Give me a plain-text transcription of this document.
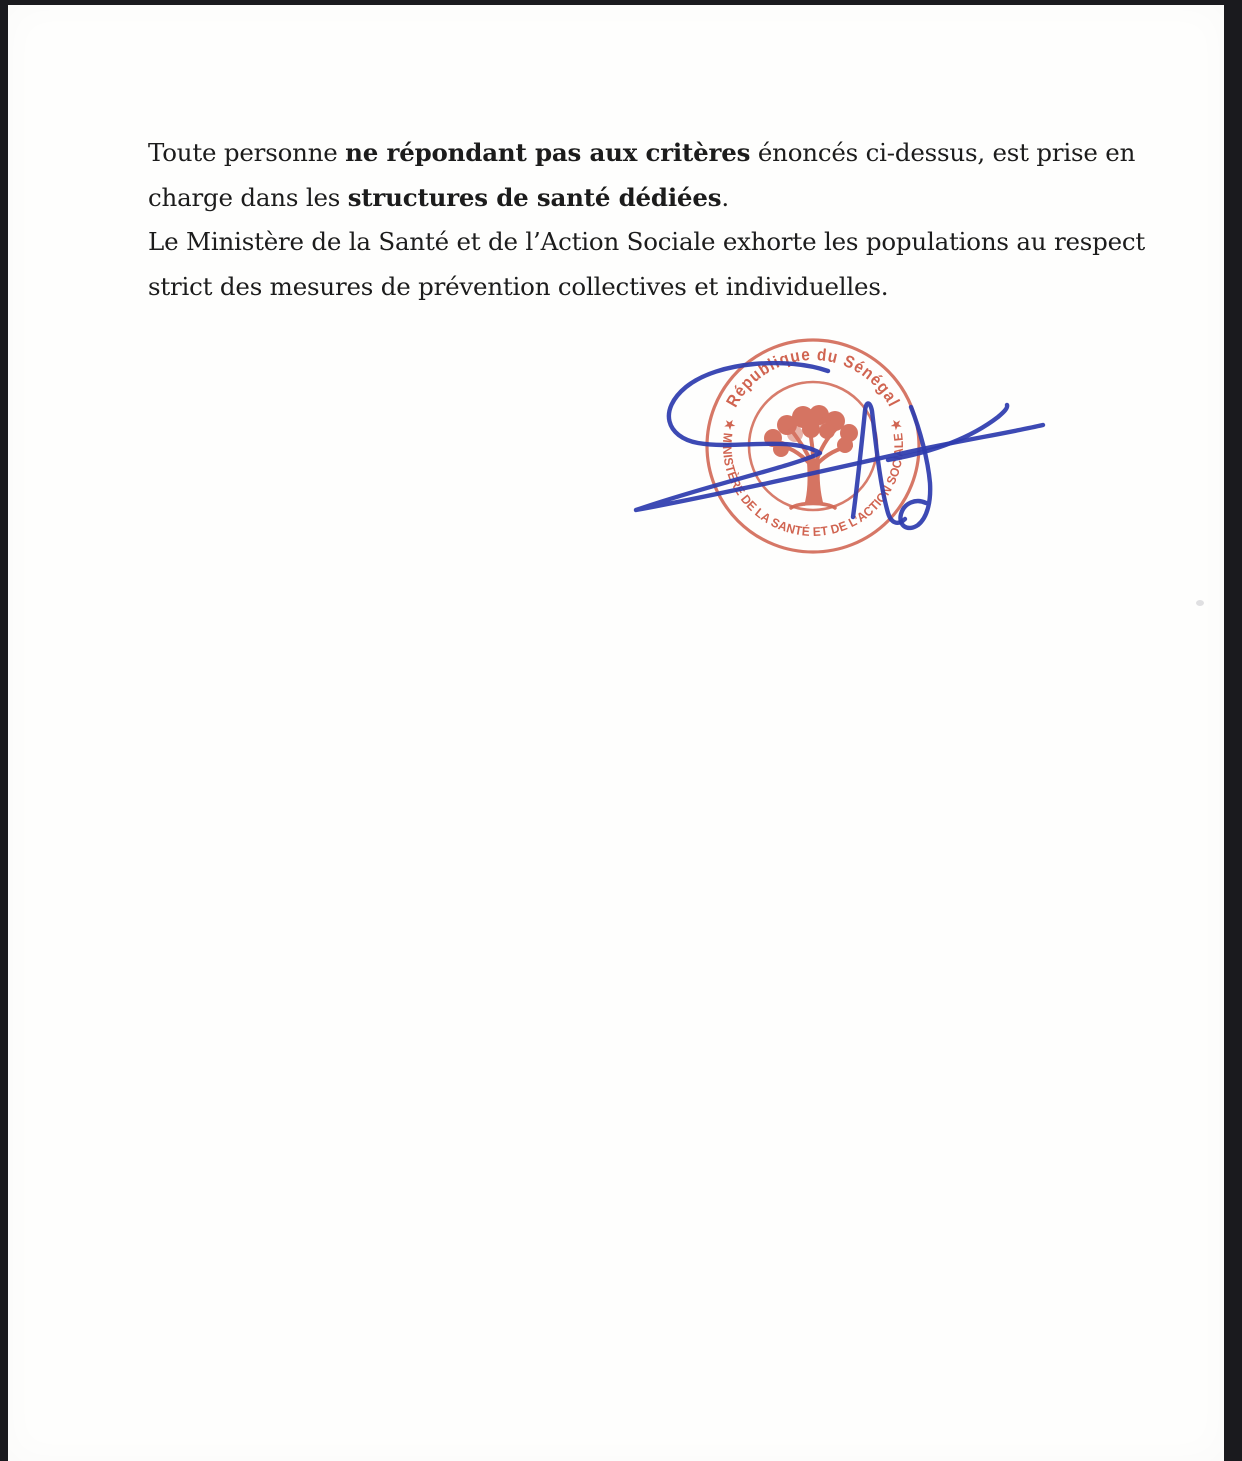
Toute personne ne répondant pas aux critères énoncés ci-dessus, est prise en
charge dans les structures de santé dédiées.
Le Ministère de la Santé et de l’Action Sociale exhorte les populations au respect
strict des mesures de prévention collectives et individuelles.
République du Sénégal
★ MINISTÈRE DE LA SANTÉ ET DE L’ACTION SOCIALE ★
